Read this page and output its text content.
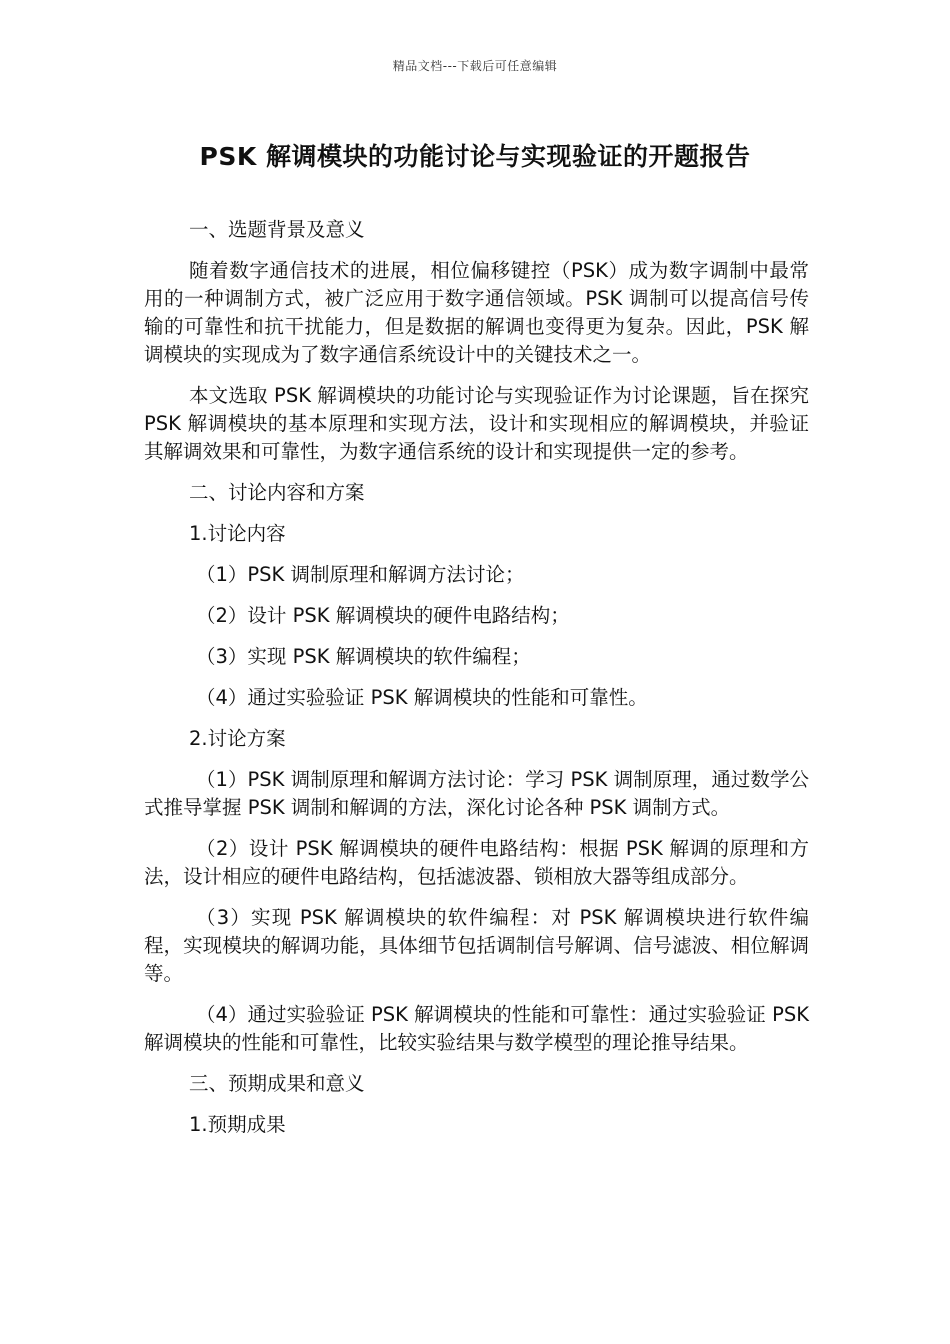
精品文档---下载后可任意编辑
PSK 解调模块的功能讨论与实现验证的开题报告

一、选题背景及意义

随着数字通信技术的进展，相位偏移键控（PSK）成为数字调制中最常用的一种调制方式，被广泛应用于数字通信领域。PSK 调制可以提高信号传输的可靠性和抗干扰能力，但是数据的解调也变得更为复杂。因此，PSK 解调模块的实现成为了数字通信系统设计中的关键技术之一。

本文选取 PSK 解调模块的功能讨论与实现验证作为讨论课题，旨在探究 PSK 解调模块的基本原理和实现方法，设计和实现相应的解调模块，并验证其解调效果和可靠性，为数字通信系统的设计和实现提供一定的参考。

二、讨论内容和方案

1.讨论内容

（1）PSK 调制原理和解调方法讨论；

（2）设计 PSK 解调模块的硬件电路结构；

（3）实现 PSK 解调模块的软件编程；

（4）通过实验验证 PSK 解调模块的性能和可靠性。

2.讨论方案

（1）PSK 调制原理和解调方法讨论：学习 PSK 调制原理，通过数学公式推导掌握 PSK 调制和解调的方法，深化讨论各种 PSK 调制方式。

（2）设计 PSK 解调模块的硬件电路结构：根据 PSK 解调的原理和方法，设计相应的硬件电路结构，包括滤波器、锁相放大器等组成部分。

（3）实现 PSK 解调模块的软件编程：对 PSK 解调模块进行软件编程，实现模块的解调功能，具体细节包括调制信号解调、信号滤波、相位解调等。

（4）通过实验验证 PSK 解调模块的性能和可靠性：通过实验验证 PSK 解调模块的性能和可靠性，比较实验结果与数学模型的理论推导结果。

三、预期成果和意义

1.预期成果
